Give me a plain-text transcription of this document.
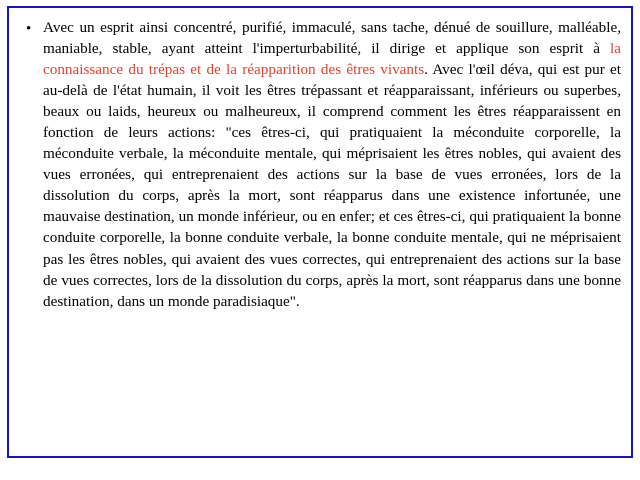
• Avec un esprit ainsi concentré, purifié, immaculé, sans tache, dénué de souillure, malléable, maniable, stable, ayant atteint l'imperturbabilité, il dirige et applique son esprit à la connaissance du trépas et de la réapparition des êtres vivants. Avec l'œil déva, qui est pur et au-delà de l'état humain, il voit les êtres trépassant et réapparaissant, inférieurs ou superbes, beaux ou laids, heureux ou malheureux, il comprend comment les êtres réapparaissent en fonction de leurs actions: "ces êtres-ci, qui pratiquaient la méconduite corporelle, la méconduite verbale, la méconduite mentale, qui méprisaient les êtres nobles, qui avaient des vues erronées, qui entreprenaient des actions sur la base de vues erronées, lors de la dissolution du corps, après la mort, sont réapparus dans une existence infortunée, une mauvaise destination, un monde inférieur, ou en enfer; et ces êtres-ci, qui pratiquaient la bonne conduite corporelle, la bonne conduite verbale, la bonne conduite mentale, qui ne méprisaient pas les êtres nobles, qui avaient des vues correctes, qui entreprenaient des actions sur la base de vues correctes, lors de la dissolution du corps, après la mort, sont réapparus dans une bonne destination, dans un monde paradisiaque".
